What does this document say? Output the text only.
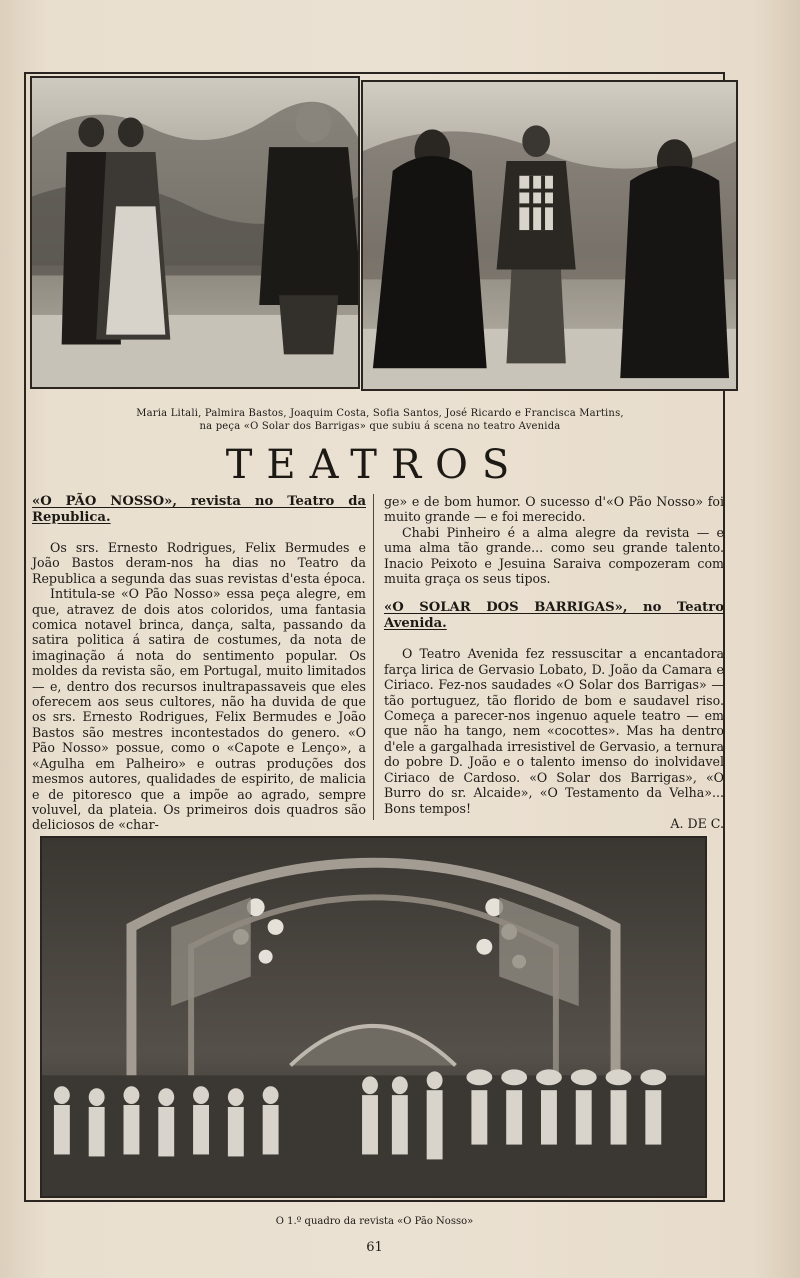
Maria Litali, Palmira Bastos, Joaquim Costa, Sofia Santos, José Ricardo e Francisca Martins,
na peça «O Solar dos Barrigas» que subiu á scena no teatro Avenida
TEATROS
«O PÃO NOSSO», revista no Teatro da Republica.

Os srs. Ernesto Rodrigues, Felix Bermudes e João Bastos deram-nos ha dias no Teatro da Republica a segunda das suas revistas d'esta época.

Intitula-se «O Pão Nosso» essa peça alegre, em que, atravez de dois atos coloridos, uma fantasia comica notavel brinca, dança, salta, passando da satira politica á satira de costumes, da nota de imaginação á nota do sentimento popular. Os moldes da revista são, em Portugal, muito limitados — e, dentro dos recursos inultrapassaveis que eles oferecem aos seus cultores, não ha duvida de que os srs. Ernesto Rodrigues, Felix Bermudes e João Bastos são mestres incontestados do genero. «O Pão Nosso» possue, como o «Capote e Lenço», a «Agulha em Palheiro» e outras produções dos mesmos autores, qualidades de espirito, de malicia e de pitoresco que a impõe ao agrado, sempre voluvel, da plateia. Os primeiros dois quadros são deliciosos de «char-

ge» e de bom humor. O sucesso d'«O Pão Nosso» foi muito grande — e foi merecido.

Chabi Pinheiro é a alma alegre da revista — e uma alma tão grande... como seu grande talento. Inacio Peixoto e Jesuina Saraiva compozeram com muita graça os seus tipos.

«O SOLAR DOS BARRIGAS», no Teatro Avenida.

O Teatro Avenida fez ressuscitar a encantadora farça lirica de Gervasio Lobato, D. João da Camara e Ciriaco. Fez-nos saudades «O Solar dos Barrigas» — tão portuguez, tão florido de bom e saudavel riso. Começa a parecer-nos ingenuo aquele teatro — em que não ha tango, nem «cocottes». Mas ha dentro d'ele a gargalhada irresistivel de Gervasio, a ternura do pobre D. João e o talento imenso do inolvidavel Ciriaco de Cardoso. «O Solar dos Barrigas», «O Burro do sr. Alcaide», «O Testamento da Velha»... Bons tempos!

A. DE C.
O 1.º quadro da revista «O Pão Nosso»
61
